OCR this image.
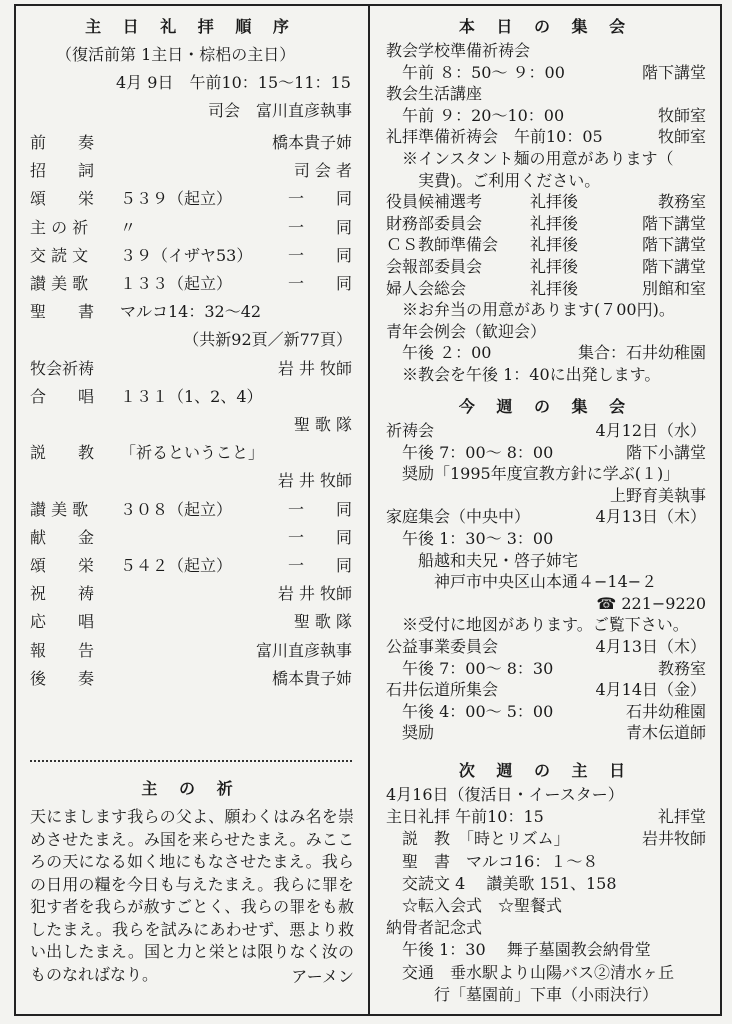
主 日 礼 拝 順 序
（復活前第 1主日・棕梠の主日）
4月 9日　午前10：15〜11：15
司会　富川直彦執事
前　　奏	橋本貴子姉
招　　詞	司 会 者
頌　　栄 ５３９（起立）	一　　同
主 の 祈 〃	一　　同
交 読 文 ３９（イザヤ53）	一　　同
讃 美 歌 １３３（起立）	一　　同
聖　　書 マルコ14：32〜42
（共新92頁／新77頁）
牧会祈祷	岩 井 牧師
合　　唱 １３１（1、2、4）
聖 歌 隊
説　　教 「祈るということ」
岩 井 牧師
讃 美 歌 ３０８（起立）	一　　同
献　　金	一　　同
頌　　栄 ５４２（起立）	一　　同
祝　　祷	岩 井 牧師
応　　唱	聖 歌 隊
報　　告	富川直彦執事
後　　奏	橋本貴子姉
主 の 祈
天にまします我らの父よ、願わくはみ名を崇めさせたまえ。み国を来らせたまえ。みこころの天になる如く地にもなさせたまえ。我らの日用の糧を今日も与えたまえ。我らに罪を犯す者を我らが赦すごとく、我らの罪をも赦したまえ。我らを試みにあわせず、悪より救い出したまえ。国と力と栄とは限りなく汝のものなればなり。	アーメン
本 日 の 集 会
教会学校準備祈祷会
　午前 ８：50〜 ９：00	階下講堂
教会生活講座
　午前 ９：20〜10：00	牧師室
礼拝準備祈祷会　午前10：05	牧師室
　※インスタント麺の用意があります（
　　実費)。ご利用ください。
役員候補選考	礼拝後	教務室
財務部委員会	礼拝後	階下講堂
ＣＳ教師準備会 礼拝後	階下講堂
会報部委員会	礼拝後	階下講堂
婦人会総会	礼拝後	別館和室
　※お弁当の用意があります(７00円)。
青年会例会（歓迎会）
　午後 ２：00	集合：石井幼稚園
　※教会を午後 1：40に出発します。
今 週 の 集 会
祈祷会	4月12日（水）
　午後 7：00〜 8：00	階下小講堂
　奨励「1995年度宣教方針に学ぶ(１)」
上野育美執事
家庭集会（中央中）	4月13日（木）
　午後 1：30〜 3：00
　　船越和夫兄・啓子姉宅
　　　神戸市中央区山本通４−14−２
☎ 221−9220
　※受付に地図があります。ご覧下さい。
公益事業委員会	4月13日（木）
　午後 7：00〜 8：30	教務室
石井伝道所集会	4月14日（金）
　午後 4：00〜 5：00	石井幼稚園
　奨励	青木伝道師
次 週 の 主 日
4月16日（復活日・イースター）
主日礼拝 午前10：15	礼拝堂
　説　教　「時とリズム」	岩井牧師
　聖　書　マルコ16：１〜８
　交読文 4　 讃美歌 151、158
　☆転入会式　☆聖餐式
納骨者記念式
　午後 1：30　 舞子墓園教会納骨堂
　交通　垂水駅より山陽バス②清水ヶ丘
　　　行「墓園前」下車（小雨決行）
